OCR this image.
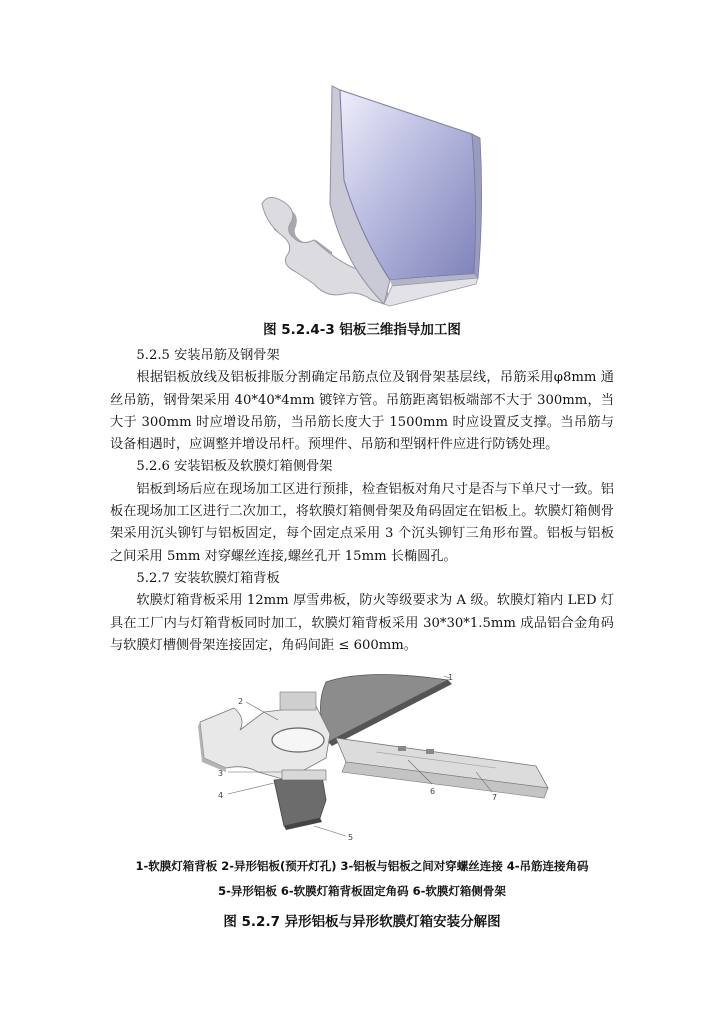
图 5.2.4-3 铝板三维指导加工图

5.2.5 安装吊筋及钢骨架

根据铝板放线及铝板排版分割确定吊筋点位及钢骨架基层线，吊筋采用φ8mm 通丝吊筋，钢骨架采用 40*40*4mm 镀锌方管。吊筋距离铝板端部不大于 300mm，当大于 300mm 时应增设吊筋，当吊筋长度大于 1500mm 时应设置反支撑。当吊筋与设备相遇时，应调整并增设吊杆。预埋件、吊筋和型钢杆件应进行防锈处理。

5.2.6 安装铝板及软膜灯箱侧骨架

铝板到场后应在现场加工区进行预排，检查铝板对角尺寸是否与下单尺寸一致。铝板在现场加工区进行二次加工，将软膜灯箱侧骨架及角码固定在铝板上。软膜灯箱侧骨架采用沉头铆钉与铝板固定，每个固定点采用 3 个沉头铆钉三角形布置。铝板与铝板之间采用 5mm 对穿螺丝连接,螺丝孔开 15mm 长椭圆孔。

5.2.7 安装软膜灯箱背板

软膜灯箱背板采用 12mm 厚雪弗板，防火等级要求为 A 级。软膜灯箱内 LED 灯具在工厂内与灯箱背板同时加工，软膜灯箱背板采用 30*30*1.5mm 成品铝合金角码与软膜灯槽侧骨架连接固定，角码间距 ≤ 600mm。

1
2
3
4
5
6
7
1-软膜灯箱背板 2-异形铝板(预开灯孔) 3-铝板与铝板之间对穿螺丝连接 4-吊筋连接角码
5-异形铝板 6-软膜灯箱背板固定角码 6-软膜灯箱侧骨架
图 5.2.7 异形铝板与异形软膜灯箱安装分解图
